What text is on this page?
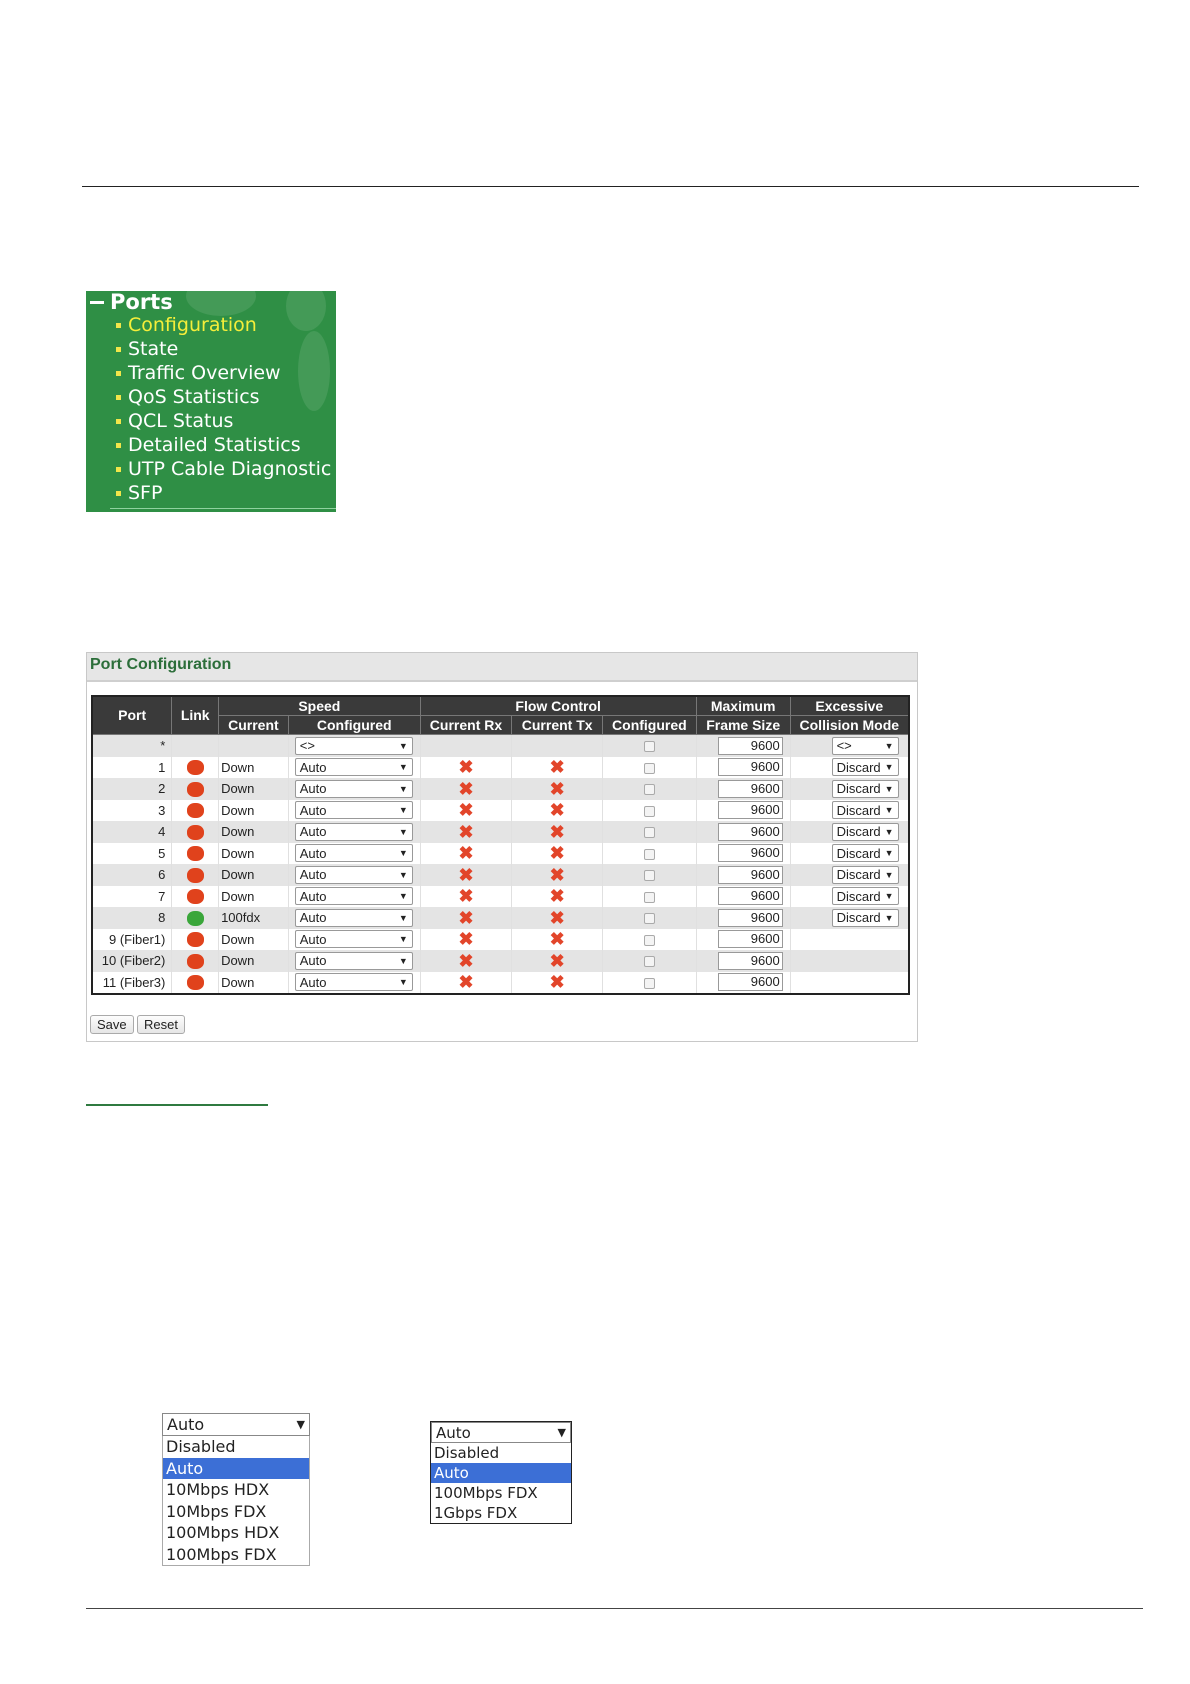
Ports
Configuration
State
Traffic Overview
QoS Statistics
QCL Status
Detailed Statistics
UTP Cable Diagnostic
SFP
Port Configuration
Port	Link	Speed		Flow Control			Maximum	Excessive
		Current	Configured	Current Rx	Current Tx	Configured	Frame Size	Collision Mode
*			<> ▼				9600	<> ▼

1		Down	Auto ▼	✖	✖		9600	Discard ▼

2		Down	Auto ▼	✖	✖		9600	Discard ▼

3		Down	Auto ▼	✖	✖		9600	Discard ▼

4		Down	Auto ▼	✖	✖		9600	Discard ▼

5		Down	Auto ▼	✖	✖		9600	Discard ▼

6		Down	Auto ▼	✖	✖		9600	Discard ▼

7		Down	Auto ▼	✖	✖		9600	Discard ▼

8		100fdx	Auto ▼	✖	✖		9600	Discard ▼

9 (Fiber1)		Down	Auto ▼	✖	✖		9600	
10 (Fiber2)		Down	Auto ▼	✖	✖		9600	
11 (Fiber3)		Down	Auto ▼	✖	✖		9600	
Save	Reset
Auto	▼
Disabled
Auto
10Mbps HDX
10Mbps FDX
100Mbps HDX
100Mbps FDX
Auto	▼
Disabled
Auto
100Mbps FDX
1Gbps FDX
